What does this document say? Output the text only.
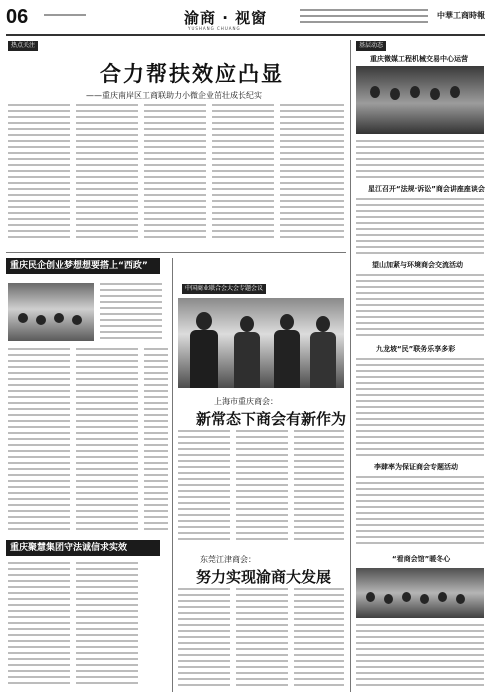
06	渝商 · 视窗
YUSHANG CHUANG
中華工商時報
热点关注
合力帮扶效应凸显
——重庆南岸区工商联助力小微企业茁壮成长纪实
重庆民企创业梦想想要搭上“西政”
重庆聚慧集团守法诚信求实效
中国商业联合会大会专题会议
上海市重庆商会：
新常态下商会有新作为
东莞江津商会：
努力实现渝商大发展
基层动态
重庆微媒工程机械交易中心运营
星江召开“法规·诉讼”商会讲座座谈会
望山加紧与环境商会交流活动
九龙坡“民”联务乐享多彩
李肆率为保证商会专题活动
“看商会馆”暖冬心
